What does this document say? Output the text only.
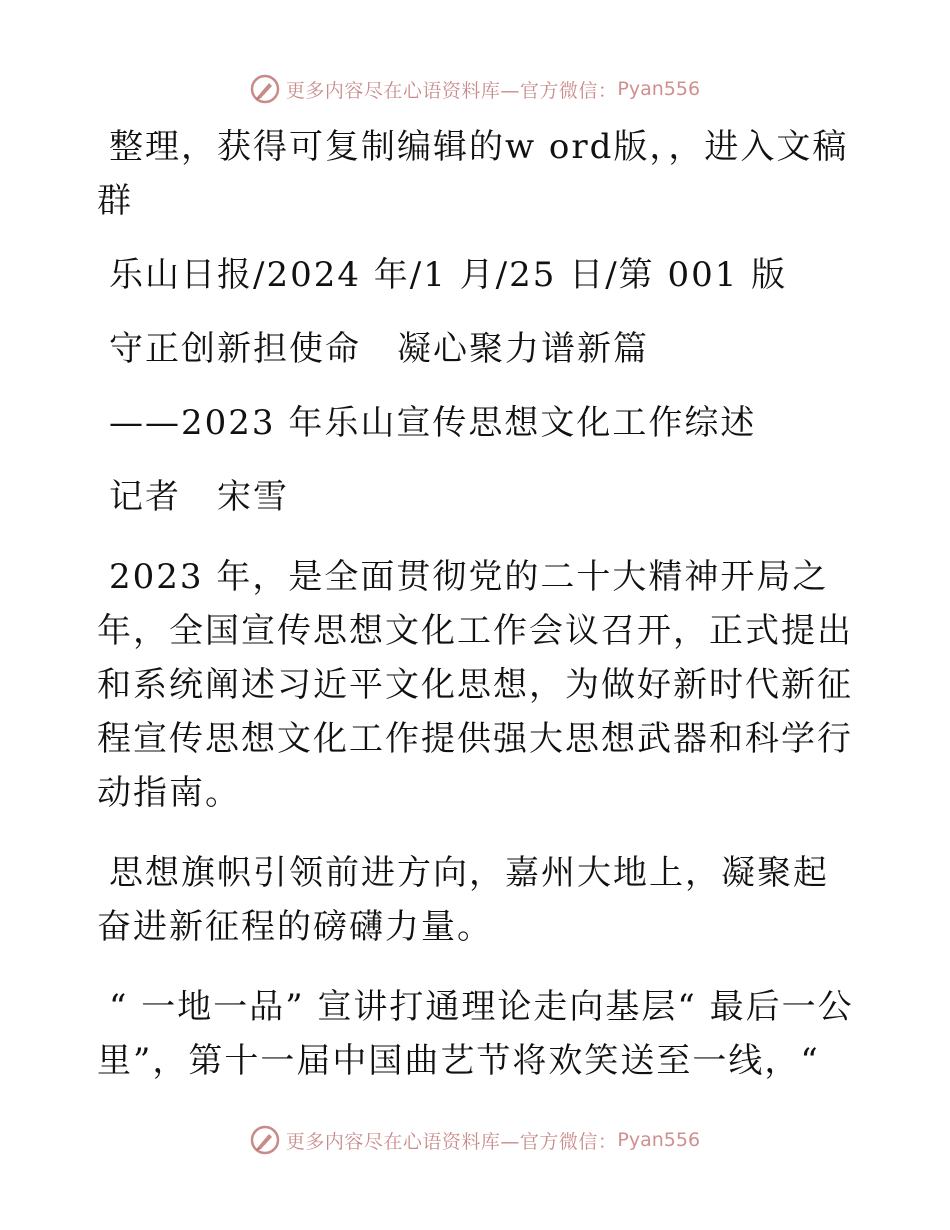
更多内容尽在心语资料库—官方微信： Pyan556

整理，获得可复制编辑的w ord版，，进入文稿群

乐山日报/2024 年/1 月/25 日/第 001 版

守正创新担使命　凝心聚力谱新篇

——2023 年乐山宣传思想文化工作综述

记者　宋雪

2023 年，是全面贯彻党的二十大精神开局之年，全国宣传思想文化工作会议召开，正式提出和系统阐述习近平文化思想，为做好新时代新征程宣传思想文化工作提供强大思想武器和科学行动指南。

思想旗帜引领前进方向，嘉州大地上，凝聚起奋进新征程的磅礴力量。

“ 一地一品” 宣讲打通理论走向基层“ 最后一公里”，第十一届中国曲艺节将欢笑送至一线，“

更多内容尽在心语资料库—官方微信： Pyan556
